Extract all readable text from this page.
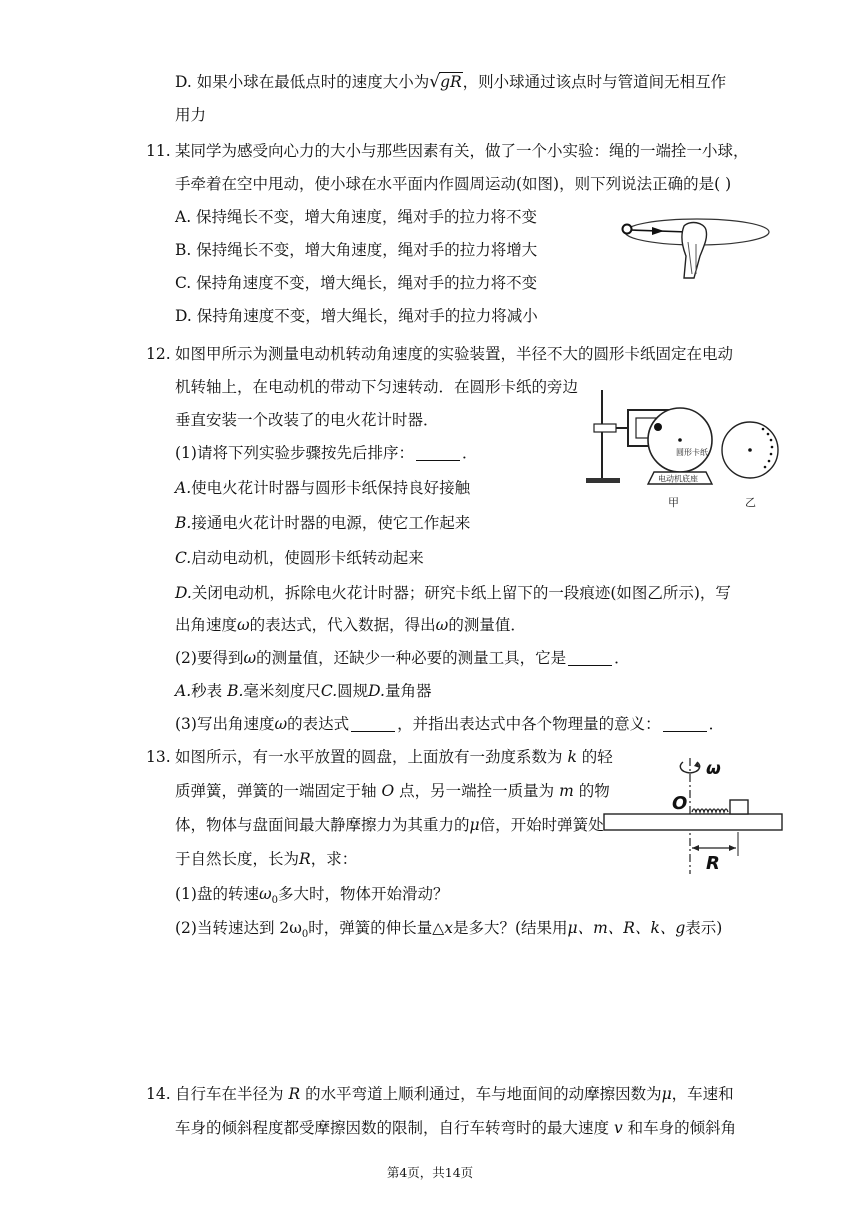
D. 如果小球在最低点时的速度大小为√gR，则小球通过该点时与管道间无相互作
用力
11. 某同学为感受向心力的大小与那些因素有关，做了一个小实验：绳的一端拴一小球，
手牵着在空中甩动，使小球在水平面内作圆周运动(如图)，则下列说法正确的是( )
A. 保持绳长不变，增大角速度，绳对手的拉力将不变
B. 保持绳长不变，增大角速度，绳对手的拉力将增大
C. 保持角速度不变，增大绳长，绳对手的拉力将不变
D. 保持角速度不变，增大绳长，绳对手的拉力将减小
12. 如图甲所示为测量电动机转动角速度的实验装置，半径不大的圆形卡纸固定在电动
机转轴上，在电动机的带动下匀速转动．在圆形卡纸的旁边
垂直安装一个改装了的电火花计时器．
(1)请将下列实验步骤按先后排序：	．
A.使电火花计时器与圆形卡纸保持良好接触
B.接通电火花计时器的电源，使它工作起来
C.启动电动机，使圆形卡纸转动起来
D.关闭电动机，拆除电火花计时器；研究卡纸上留下的一段痕迹(如图乙所示)，写
出角速度ω的表达式，代入数据，得出ω的测量值．
(2)要得到ω的测量值，还缺少一种必要的测量工具，它是	．
A.秒表 B.毫米刻度尺C.圆规D.量角器
(3)写出角速度ω的表达式	，并指出表达式中各个物理量的意义：	．
圆形卡纸
电动机底座
甲	乙
13. 如图所示，有一水平放置的圆盘，上面放有一劲度系数为 k 的轻
质弹簧，弹簧的一端固定于轴 O 点，另一端拴一质量为 m 的物
体，物体与盘面间最大静摩擦力为其重力的μ倍，开始时弹簧处
于自然长度，长为R，求：
(1)盘的转速$\omega_0$多大时，物体开始滑动？
(2)当转速达到 $2\omega_0$时，弹簧的伸长量△x是多大？(结果用μ、m、R、k、g表示)
ω
O
R
14. 自行车在半径为 R 的水平弯道上顺利通过，车与地面间的动摩擦因数为μ，车速和
车身的倾斜程度都受摩擦因数的限制，自行车转弯时的最大速度 v 和车身的倾斜角
第4页，共14页
